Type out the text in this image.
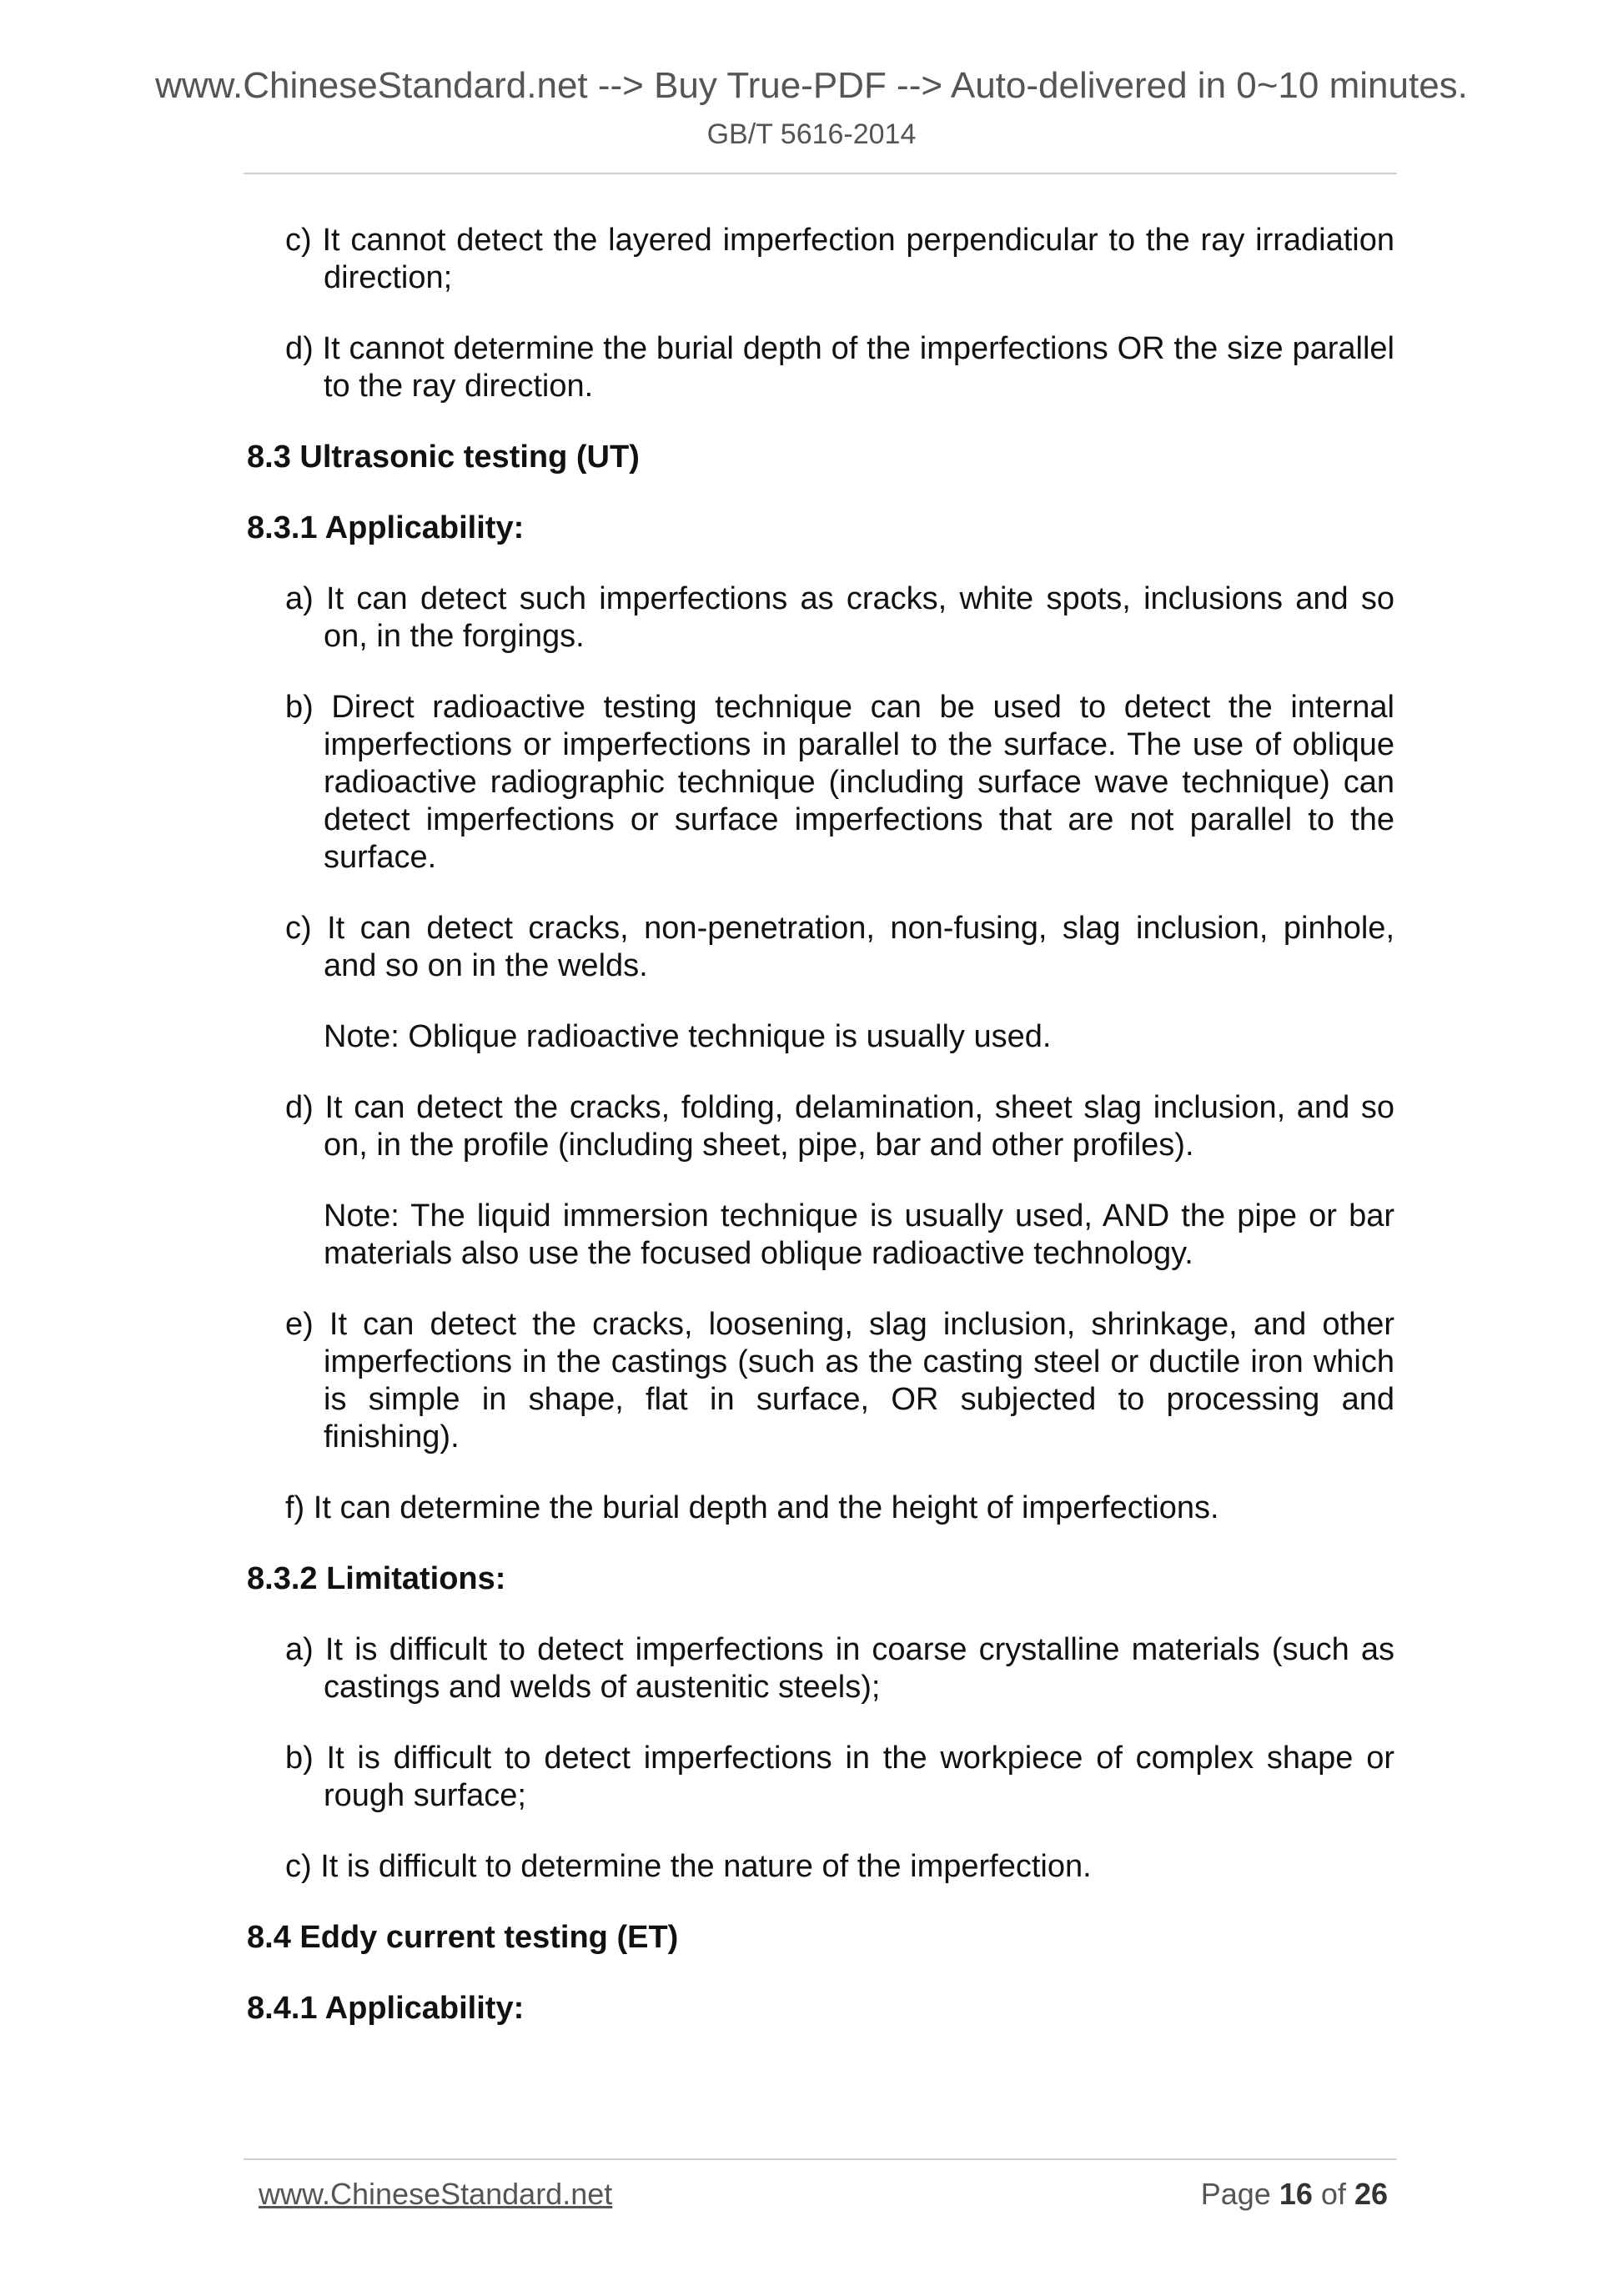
www.ChineseStandard.net --> Buy True-PDF --> Auto-delivered in 0~10 minutes.
GB/T 5616-2014
c) It cannot detect the layered imperfection perpendicular to the ray irradiation direction;
d) It cannot determine the burial depth of the imperfections OR the size parallel to the ray direction.
8.3 Ultrasonic testing (UT)
8.3.1 Applicability:
a) It can detect such imperfections as cracks, white spots, inclusions and so on, in the forgings.
b) Direct radioactive testing technique can be used to detect the internal imperfections or imperfections in parallel to the surface. The use of oblique radioactive radiographic technique (including surface wave technique) can detect imperfections or surface imperfections that are not parallel to the surface.
c) It can detect cracks, non-penetration, non-fusing, slag inclusion, pinhole, and so on in the welds.
Note: Oblique radioactive technique is usually used.
d) It can detect the cracks, folding, delamination, sheet slag inclusion, and so on, in the profile (including sheet, pipe, bar and other profiles).
Note: The liquid immersion technique is usually used, AND the pipe or bar materials also use the focused oblique radioactive technology.
e) It can detect the cracks, loosening, slag inclusion, shrinkage, and other imperfections in the castings (such as the casting steel or ductile iron which is simple in shape, flat in surface, OR subjected to processing and finishing).
f) It can determine the burial depth and the height of imperfections.
8.3.2 Limitations:
a) It is difficult to detect imperfections in coarse crystalline materials (such as castings and welds of austenitic steels);
b) It is difficult to detect imperfections in the workpiece of complex shape or rough surface;
c) It is difficult to determine the nature of the imperfection.
8.4 Eddy current testing (ET)
8.4.1 Applicability:
www.ChineseStandard.net	Page 16 of 26
